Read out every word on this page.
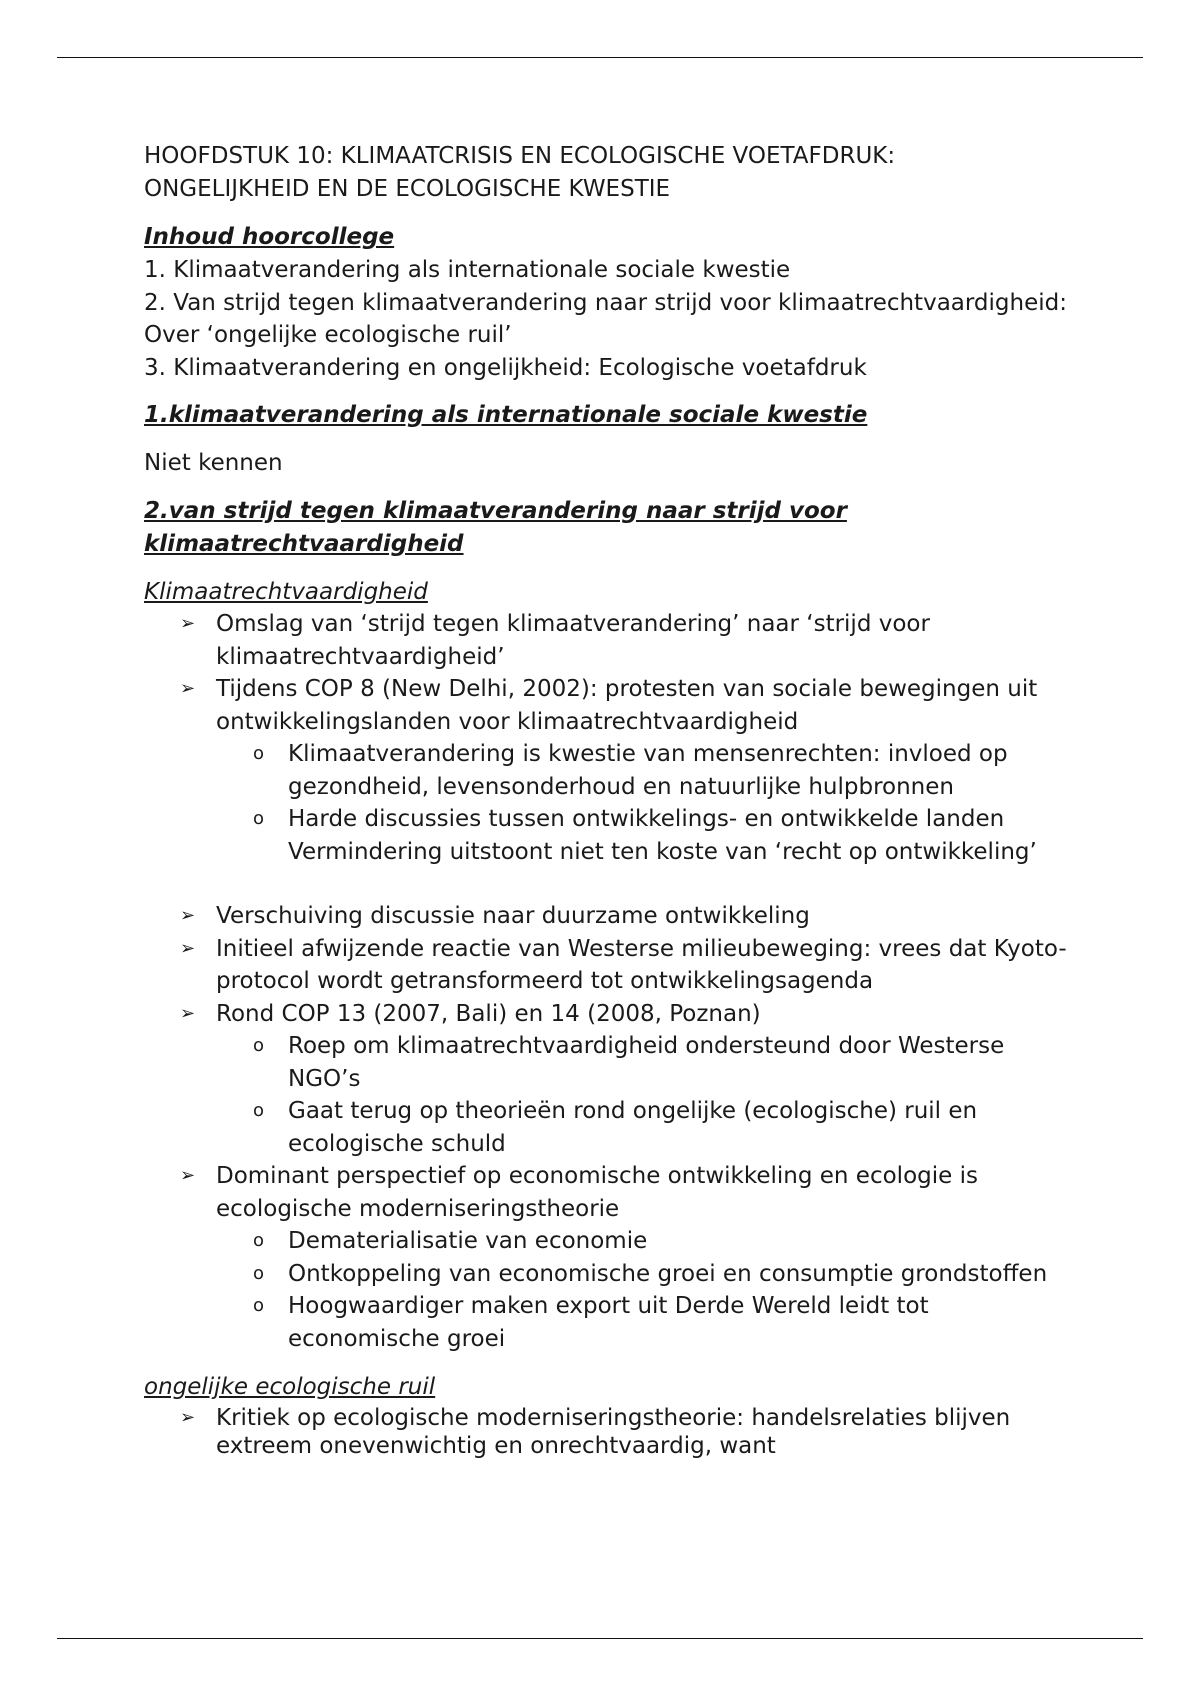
HOOFDSTUK 10: KLIMAATCRISIS EN ECOLOGISCHE VOETAFDRUK:
ONGELIJKHEID EN DE ECOLOGISCHE KWESTIE
Inhoud hoorcollege
1. Klimaatverandering als internationale sociale kwestie
2. Van strijd tegen klimaatverandering naar strijd voor klimaatrechtvaardigheid: Over ‘ongelijke ecologische ruil’
3. Klimaatverandering en ongelijkheid: Ecologische voetafdruk
1.klimaatverandering als internationale sociale kwestie

Niet kennen

2.van strijd tegen klimaatverandering naar strijd voor klimaatrechtvaardigheid
Klimaatrechtvaardigheid
➢ Omslag van ‘strijd tegen klimaatverandering’ naar ‘strijd voor klimaatrechtvaardigheid’
➢ Tijdens COP 8 (New Delhi, 2002): protesten van sociale bewegingen uit ontwikkelingslanden voor klimaatrechtvaardigheid
o Klimaatverandering is kwestie van mensenrechten: invloed op gezondheid, levensonderhoud en natuurlijke hulpbronnen
o Harde discussies tussen ontwikkelings- en ontwikkelde landen Vermindering uitstoont niet ten koste van ‘recht op ontwikkeling’
➢ Verschuiving discussie naar duurzame ontwikkeling
➢ Initieel afwijzende reactie van Westerse milieubeweging: vrees dat Kyoto-protocol wordt getransformeerd tot ontwikkelingsagenda
➢ Rond COP 13 (2007, Bali) en 14 (2008, Poznan)
o Roep om klimaatrechtvaardigheid ondersteund door Westerse NGO’s
o Gaat terug op theorieën rond ongelijke (ecologische) ruil en ecologische schuld
➢ Dominant perspectief op economische ontwikkeling en ecologie is ecologische moderniseringstheorie
o Dematerialisatie van economie
o Ontkoppeling van economische groei en consumptie grondstoffen
o Hoogwaardiger maken export uit Derde Wereld leidt tot economische groei
ongelijke ecologische ruil
➢ Kritiek op ecologische moderniseringstheorie: handelsrelaties blijven extreem onevenwichtig en onrechtvaardig, want
